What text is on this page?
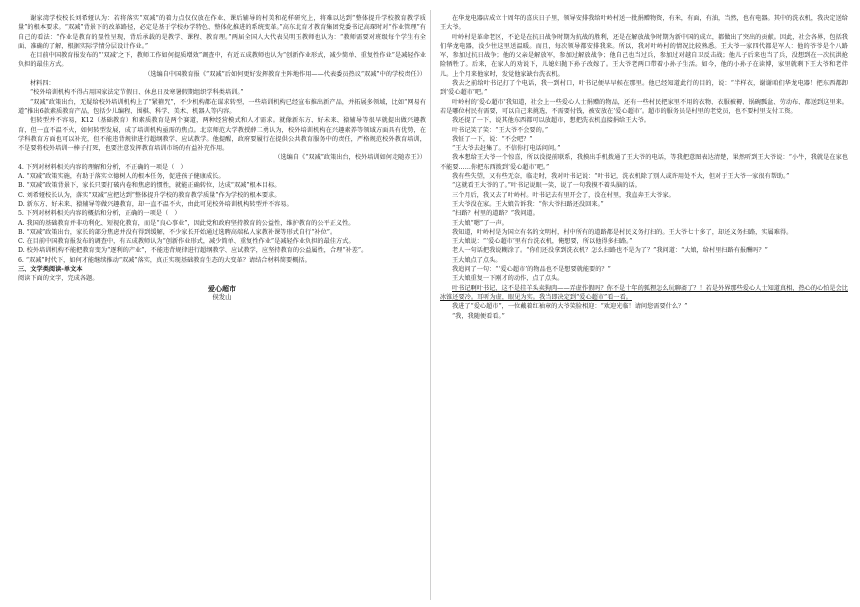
谢家湾学校校长刘希娅认为：若将落实“双减”的着力点仅仅放在作业、课后辅导的村美和花样研究上，将难以达到“整体提升学校教育教学质量”的根本要求。“双减”背景下的改革路径，必定是基于学校办学特色、整体化推进的系统变革。”高东北育才教育集团党委书记高琛时对“作业管理”有自己的看法：“作业是教育的显性呈现，背后承载的是教学、课程、教育理。”两届全国人大代表吴明玉教师也认为：“教师需要对班级每个学生有全面、准确的了解，根据实际学情分层设计作业。”

在目前中国教育报发布的“‘双减’之下，教师工作如何提质增效”调查中，有近五成教师也认为“创新作业形式，减少简单、重复性作业”是减轻作业负担的最佳方式。

（选编自中国教育报《“双减”后如何更好发挥教育主阵地作用——代表委员热议“双减”中的学校责任》）

材料四：

“校外培训机构不得占用国家法定节假日、休息日及寒暑假期组织学科类培训。”

“双减”政策出台，无疑给校外培训机构上了“紧箍咒”，不少机构都在谋求转型，一些培训机构已经宣布推出新产品，并拓展多领域，比如“网易有道”推出6款素质教育产品，包括少儿编程、围棋、科学、美术、机器人等内容。

但转型并不容易，K12（基础教育）和素质教育是两个赛道，两种经营模式和人才需求。就像新东方、好未来、猿辅导等很早就提出做兴趣教育，但一直不温不火，如何转型发展，成了培训机构亟需的焦点。北京师范大学教授薛二勇认为，校外培训机构在兴趣素养等领域方面具有优势，在学科教育方面也可以补充，但不能违背规律进行超纲教学、应试教学。他提醒，政府要履行在提供公共教育服务中的责任，严格规范校外教育培训，不是要将校外培训一棒子打死，也要注意发挥教育培训市场的有益补充作用。

（选编自《“双减”政策出台，校外培训如何走随赤王》）

4. 下列对材料相关内容的理解和分析，不正确的一项是（　）

A. “双减”政策实施，有助于落实立德树人的根本任务，促进孩子健康成长。

B. “双减”政策背景下，家长只要打破内卷和焦虑的惯性，就能正确转位，达成“双减”根本目标。

C. 刘希娅校长认为，落实“双减”应把达到“整体提升学校的教育教学质量”作为学校的根本要求。

D. 新东方、好未来、猿辅导等做兴趣教育，却一直不温不火，由此可见校外培训机构转型并不容易。

5. 下列对材料相关内容的概括和分析，正确的一项是（　）

A. 我国的基础教育并非功利化、短视化教育，而是“良心事业”，因此党和政府坚持教育的公益性，维护教育的公平正义性。

B. “双减”政策出台，家长的部分焦虑并没有得到缓解，不少家长开始通过选聘高端私人家教补课等形式自行“补位”。

C. 在目前中国教育报发布的调查中，有五成教师认为“创新作业形式，减少简单、重复性作业”是减轻作业负担的最佳方式。

D. 校外培训机构不能把教育变为“逐利的产业”，不能违背规律进行超纲教学、应试教学，应坚持教育的公益属性，合理“补差”。

6. “双减”时代下，如何才能继续推动“双减”落实，真正实现基础教育生态的大变革？请结合材料简要概括。

三、文学类阅读-单文本

阅读下面的文字，完成各题。

爱心超市

侯发山

在华龙电器店成立十周年的喜庆日子里，领导安排我给叶岭村送一批捐赠物资，有米，有面，有油，当然，也有电器。其中的洗衣机，我决定送给王大爷。

叶岭村是革命老区，不论是在抗日战争时期为抗战的胜利，还是在解放战争时期为新中国的成立，都做出了突出的贡献。因此，社会各界，包括我们华龙电器，没少往这里送温暖。而且，每次领导都安排我来。所以，我对叶岭村的情况比较熟悉。王大爷一家四代都是军人：他的爷爷是个八路军，参加过抗日战争；他的父亲是解放军，参加过解放战争；他自己也当过兵，参加过对越自卫反击战；他儿子后来也当了兵，没想到在一次抗洪抢险牺牲了。后来，在家人的劝说下，儿媳妇抛下孙子改嫁了。王大爷老两口带着小孙子生活。如今，他的小孙子在读博，家里就剩下王大爷和老伴儿。上个月来他家时，发觉他家缺台洗衣机。

我去之前给叶书记打了个电话，我一到村口，叶书记便早早候在那里。他已经知道此行的目的，说：“半样衣，谢谢咱们华龙电器！把东西都卸到‘爱心超市’吧。”

叶岭村的‘爱心超市’我知道，社会上一些爱心人士捐赠的物品，还有一些村民把家里不用的衣物、衣服被褥、锅碗瓢盆、劳动布、都送到这里来。若是哪位村民有需要，可以自己来挑选，不需要付钱，被安放在‘爱心超市’。超市的服务员是村里的老党员，也不要村里支付工资。

我还提了一下，说其他东西都可以放超市，想把洗衣机直接捐给王大爷。

叶书记笑了笑：“王大爷不会要的。”

我怔了一下，说：“不会吧？”

“王大爷去赶集了。不信你打电话问问。”

我本想给王大爷一个惊喜，所以没提前联系，我摸出手机拨通了王大爷的电话，等我把意图表达清楚，果然听到王大爷说：“小牛，我就是在家也不能要……你把东西拨到‘爱心超市’吧。”

我有些失望，又有些无奈，临走时，我对叶书记说：“叶书记，洗衣机除了别人或许用处不大，但对于王大爷一家很有帮助。”

“这就看王大爷的了。”叶书记说眼一笑，说了一句我摸不着头脑的话。

三个月后，我又去了叶岭村。叶书记去有里开会了，没在村里，我直奔王大爷家。

王大爷没在家。王大娘告诉我：“你大爷扫路还没回来。”

“扫路？村里的道路？”我问道。

王大娘“嗯”了一声。

我知道，叶岭村是为国立有名的文明村，村中所有的道路都是村民义务打扫的。王大爷七十多了，却还义务扫路，实属难得。

王大娘说：“‘爱心超市’里有台洗衣机，俺想要，所以他得多扫路。”

老人一句话把我说糊涂了。“你们还没拿到洗衣机？怎么扫路也不是为了？”我问道：“大娘，给村里扫路有报酬吗？”

王大娘点了点头。

我追问了一句：“‘爱心超市’的物品也不是想要就能要的？”

王大娘重复一下刚才的动作，点了点头。

叶书记啊叶书记，这不是挂羊头卖狗肉——弄虚作假吗？你不是十年的狐狸怎么玩聊斋了？！若是外界那些爱心人士知道真相，热心的心怕是会比冰锥还要冷。耳听为虚，眼见为实。我当即决定到“爱心超市”看一看。

我进了“爱心超市”，一位戴着红袖章的大爷笑脸相迎：“欢迎光临！请问您需要什么？”

“我，我随便看看。”
